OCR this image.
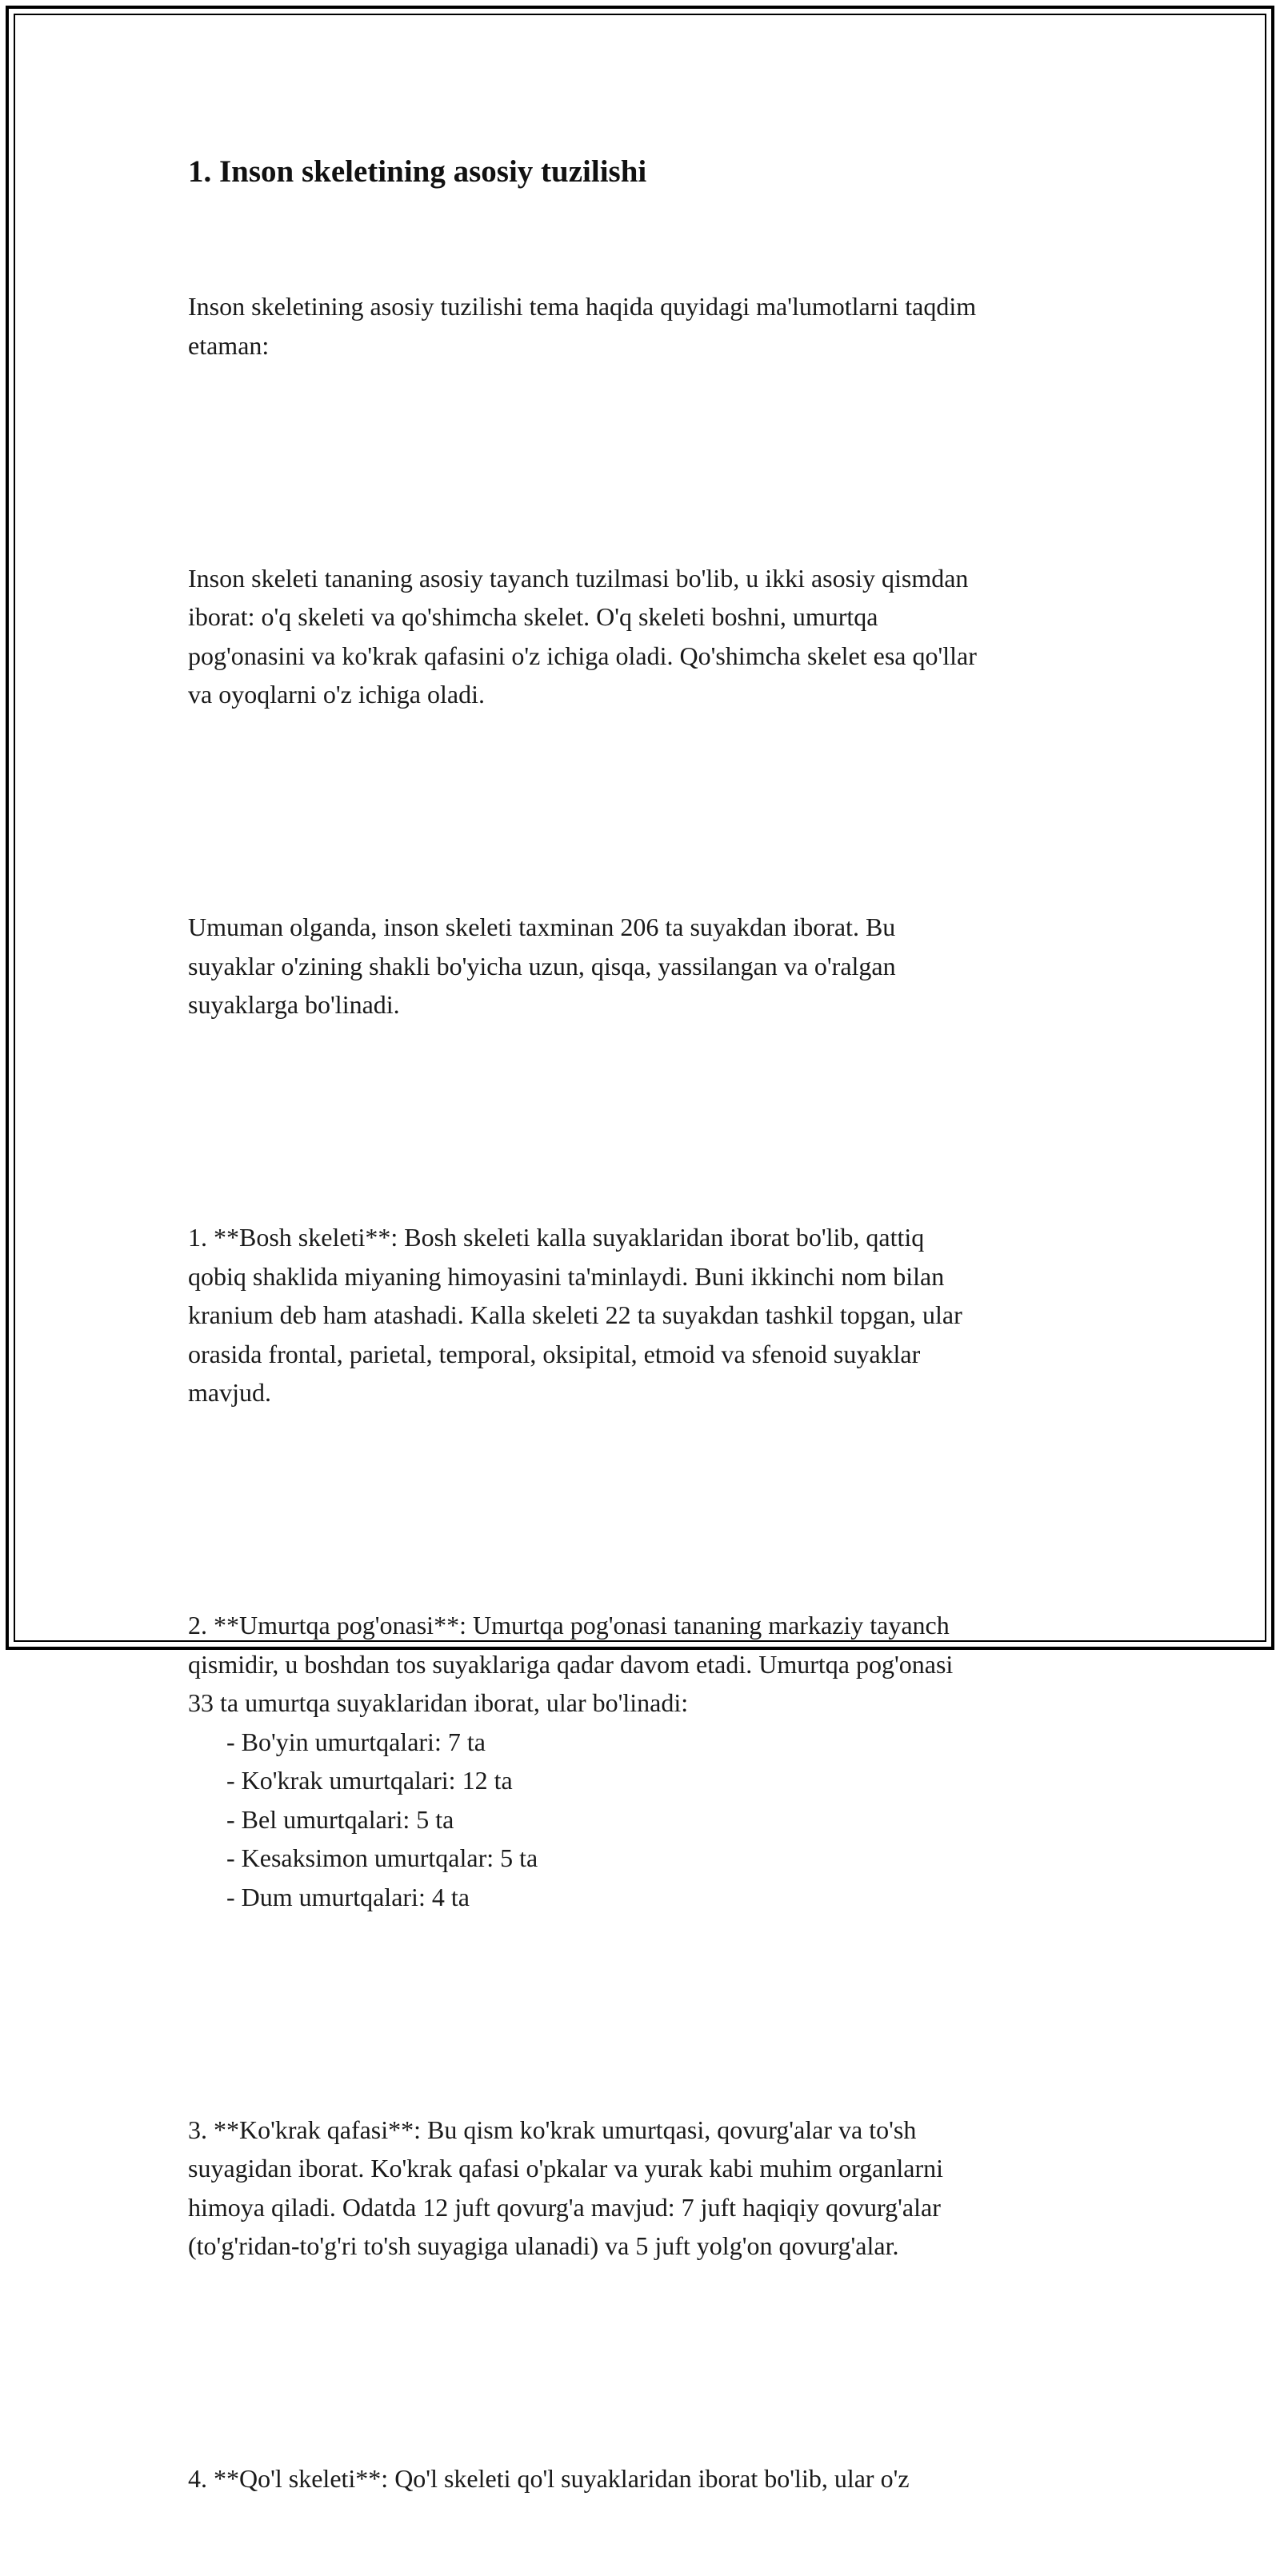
1. Inson skeletining asosiy tuzilishi

Inson skeletining asosiy tuzilishi tema haqida quyidagi ma'lumotlarni taqdim
etaman:

Inson skeleti tananing asosiy tayanch tuzilmasi bo'lib, u ikki asosiy qismdan
iborat: o'q skeleti va qo'shimcha skelet. O'q skeleti boshni, umurtqa
pog'onasini va ko'krak qafasini o'z ichiga oladi. Qo'shimcha skelet esa qo'llar
va oyoqlarni o'z ichiga oladi.

Umuman olganda, inson skeleti taxminan 206 ta suyakdan iborat. Bu
suyaklar o'zining shakli bo'yicha uzun, qisqa, yassilangan va o'ralgan
suyaklarga bo'linadi.

1. **Bosh skeleti**: Bosh skeleti kalla suyaklaridan iborat bo'lib, qattiq
qobiq shaklida miyaning himoyasini ta'minlaydi. Buni ikkinchi nom bilan
kranium deb ham atashadi. Kalla skeleti 22 ta suyakdan tashkil topgan, ular
orasida frontal, parietal, temporal, oksipital, etmoid va sfenoid suyaklar
mavjud.

2. **Umurtqa pog'onasi**: Umurtqa pog'onasi tananing markaziy tayanch
qismidir, u boshdan tos suyaklariga qadar davom etadi. Umurtqa pog'onasi
33 ta umurtqa suyaklaridan iborat, ular bo'linadi:
- Bo'yin umurtqalari: 7 ta
- Ko'krak umurtqalari: 12 ta
- Bel umurtqalari: 5 ta
- Kesaksimon umurtqalar: 5 ta
- Dum umurtqalari: 4 ta

3. **Ko'krak qafasi**: Bu qism ko'krak umurtqasi, qovurg'alar va to'sh
suyagidan iborat. Ko'krak qafasi o'pkalar va yurak kabi muhim organlarni
himoya qiladi. Odatda 12 juft qovurg'a mavjud: 7 juft haqiqiy qovurg'alar
(to'g'ridan-to'g'ri to'sh suyagiga ulanadi) va 5 juft yolg'on qovurg'alar.

4. **Qo'l skeleti**: Qo'l skeleti qo'l suyaklaridan iborat bo'lib, ular o'z
